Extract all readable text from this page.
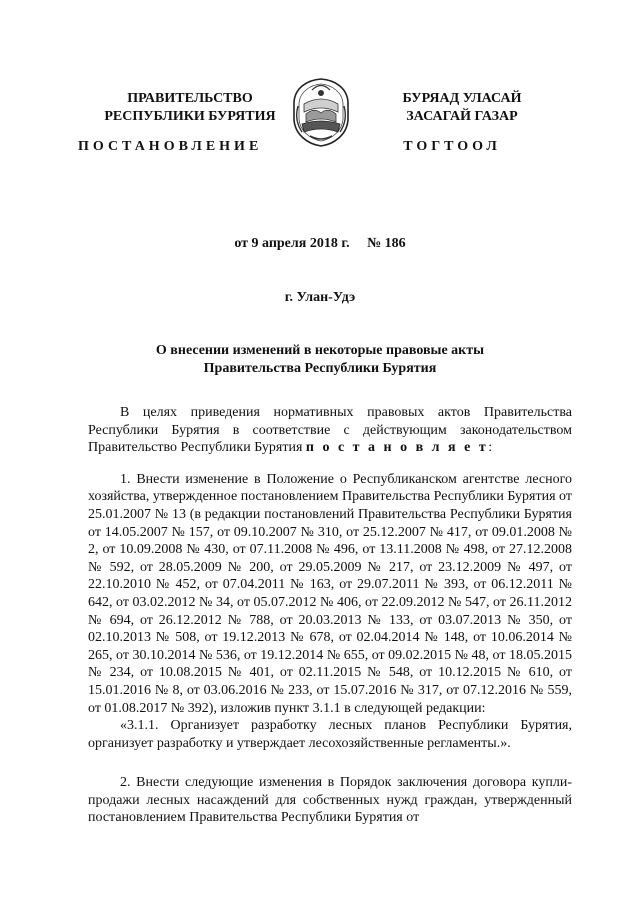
ПРАВИТЕЛЬСТВО
РЕСПУБЛИКИ БУРЯТИЯ
БУРЯАД УЛАСАЙ
ЗАСАГАЙ ГАЗАР
ПОСТАНОВЛЕНИЕ	ТОГТООЛ
от 9 апреля 2018 г. № 186
г. Улан-Удэ
О внесении изменений в некоторые правовые акты
Правительства Республики Бурятия

В целях приведения нормативных правовых актов Правительства Республики Бурятия в соответствие с действующим законодательством Правительство Республики Бурятия п о с т а н о в л я е т:

1. Внести изменение в Положение о Республиканском агентстве лесного хозяйства, утвержденное постановлением Правительства Республики Бурятия от 25.01.2007 № 13 (в редакции постановлений Правительства Республики Бурятия от 14.05.2007 № 157, от 09.10.2007 № 310, от 25.12.2007 № 417, от 09.01.2008 № 2, от 10.09.2008 № 430, от 07.11.2008 № 496, от 13.11.2008 № 498, от 27.12.2008 № 592, от 28.05.2009 № 200, от 29.05.2009 № 217, от 23.12.2009 № 497, от 22.10.2010 № 452, от 07.04.2011 № 163, от 29.07.2011 № 393, от 06.12.2011 № 642, от 03.02.2012 № 34, от 05.07.2012 № 406, от 22.09.2012 № 547, от 26.11.2012 № 694, от 26.12.2012 № 788, от 20.03.2013 № 133, от 03.07.2013 № 350, от 02.10.2013 № 508, от 19.12.2013 № 678, от 02.04.2014 № 148, от 10.06.2014 № 265, от 30.10.2014 № 536, от 19.12.2014 № 655, от 09.02.2015 № 48, от 18.05.2015 № 234, от 10.08.2015 № 401, от 02.11.2015 № 548, от 10.12.2015 № 610, от 15.01.2016 № 8, от 03.06.2016 № 233, от 15.07.2016 № 317, от 07.12.2016 № 559, от 01.08.2017 № 392), изложив пункт 3.1.1 в следующей редакции:

«3.1.1. Организует разработку лесных планов Республики Бурятия, организует разработку и утверждает лесохозяйственные регламенты.».

2. Внести следующие изменения в Порядок заключения договора купли-продажи лесных насаждений для собственных нужд граждан, утвержденный постановлением Правительства Республики Бурятия от
